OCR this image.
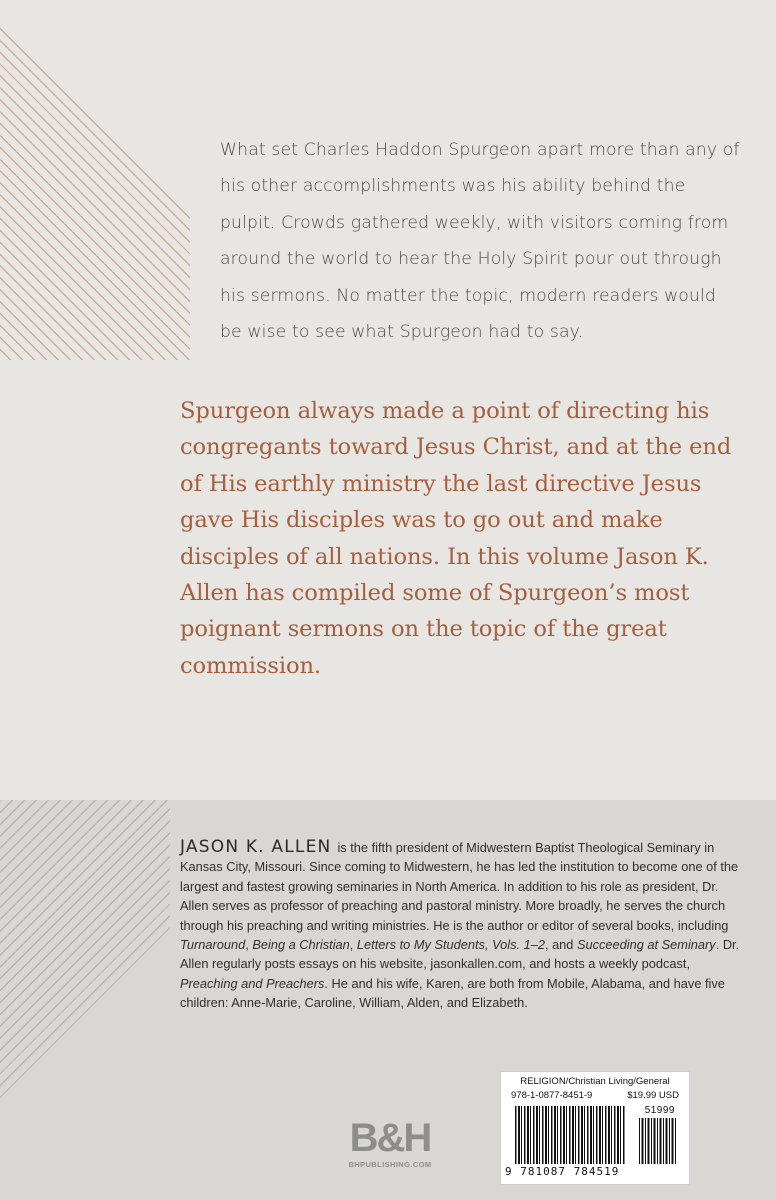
What set Charles Haddon Spurgeon apart more than any of his other accomplishments was his ability behind the pulpit. Crowds gathered weekly, with visitors coming from around the world to hear the Holy Spirit pour out through his sermons. No matter the topic, modern readers would be wise to see what Spurgeon had to say.

Spurgeon always made a point of directing his congregants toward Jesus Christ, and at the end of His earthly ministry the last directive Jesus gave His disciples was to go out and make disciples of all nations. In this volume Jason K. Allen has compiled some of Spurgeon’s most poignant sermons on the topic of the great commission.

JASON K. ALLEN is the fifth president of Midwestern Baptist Theological Seminary in Kansas City, Missouri. Since coming to Midwestern, he has led the institution to become one of the largest and fastest growing seminaries in North America. In addition to his role as president, Dr. Allen serves as professor of preaching and pastoral ministry. More broadly, he serves the church through his preaching and writing ministries. He is the author or editor of several books, including Turnaround, Being a Christian, Letters to My Students, Vols. 1–2, and Succeeding at Seminary. Dr. Allen regularly posts essays on his website, jasonkallen.com, and hosts a weekly podcast, Preaching and Preachers. He and his wife, Karen, are both from Mobile, Alabama, and have five children: Anne-Marie, Caroline, William, Alden, and Elizabeth.

B&H
BHPUBLISHING.COM
RELIGION/Christian Living/General
978-1-0877-8451-9	$19.99 USD
51999
9 781087 784519
